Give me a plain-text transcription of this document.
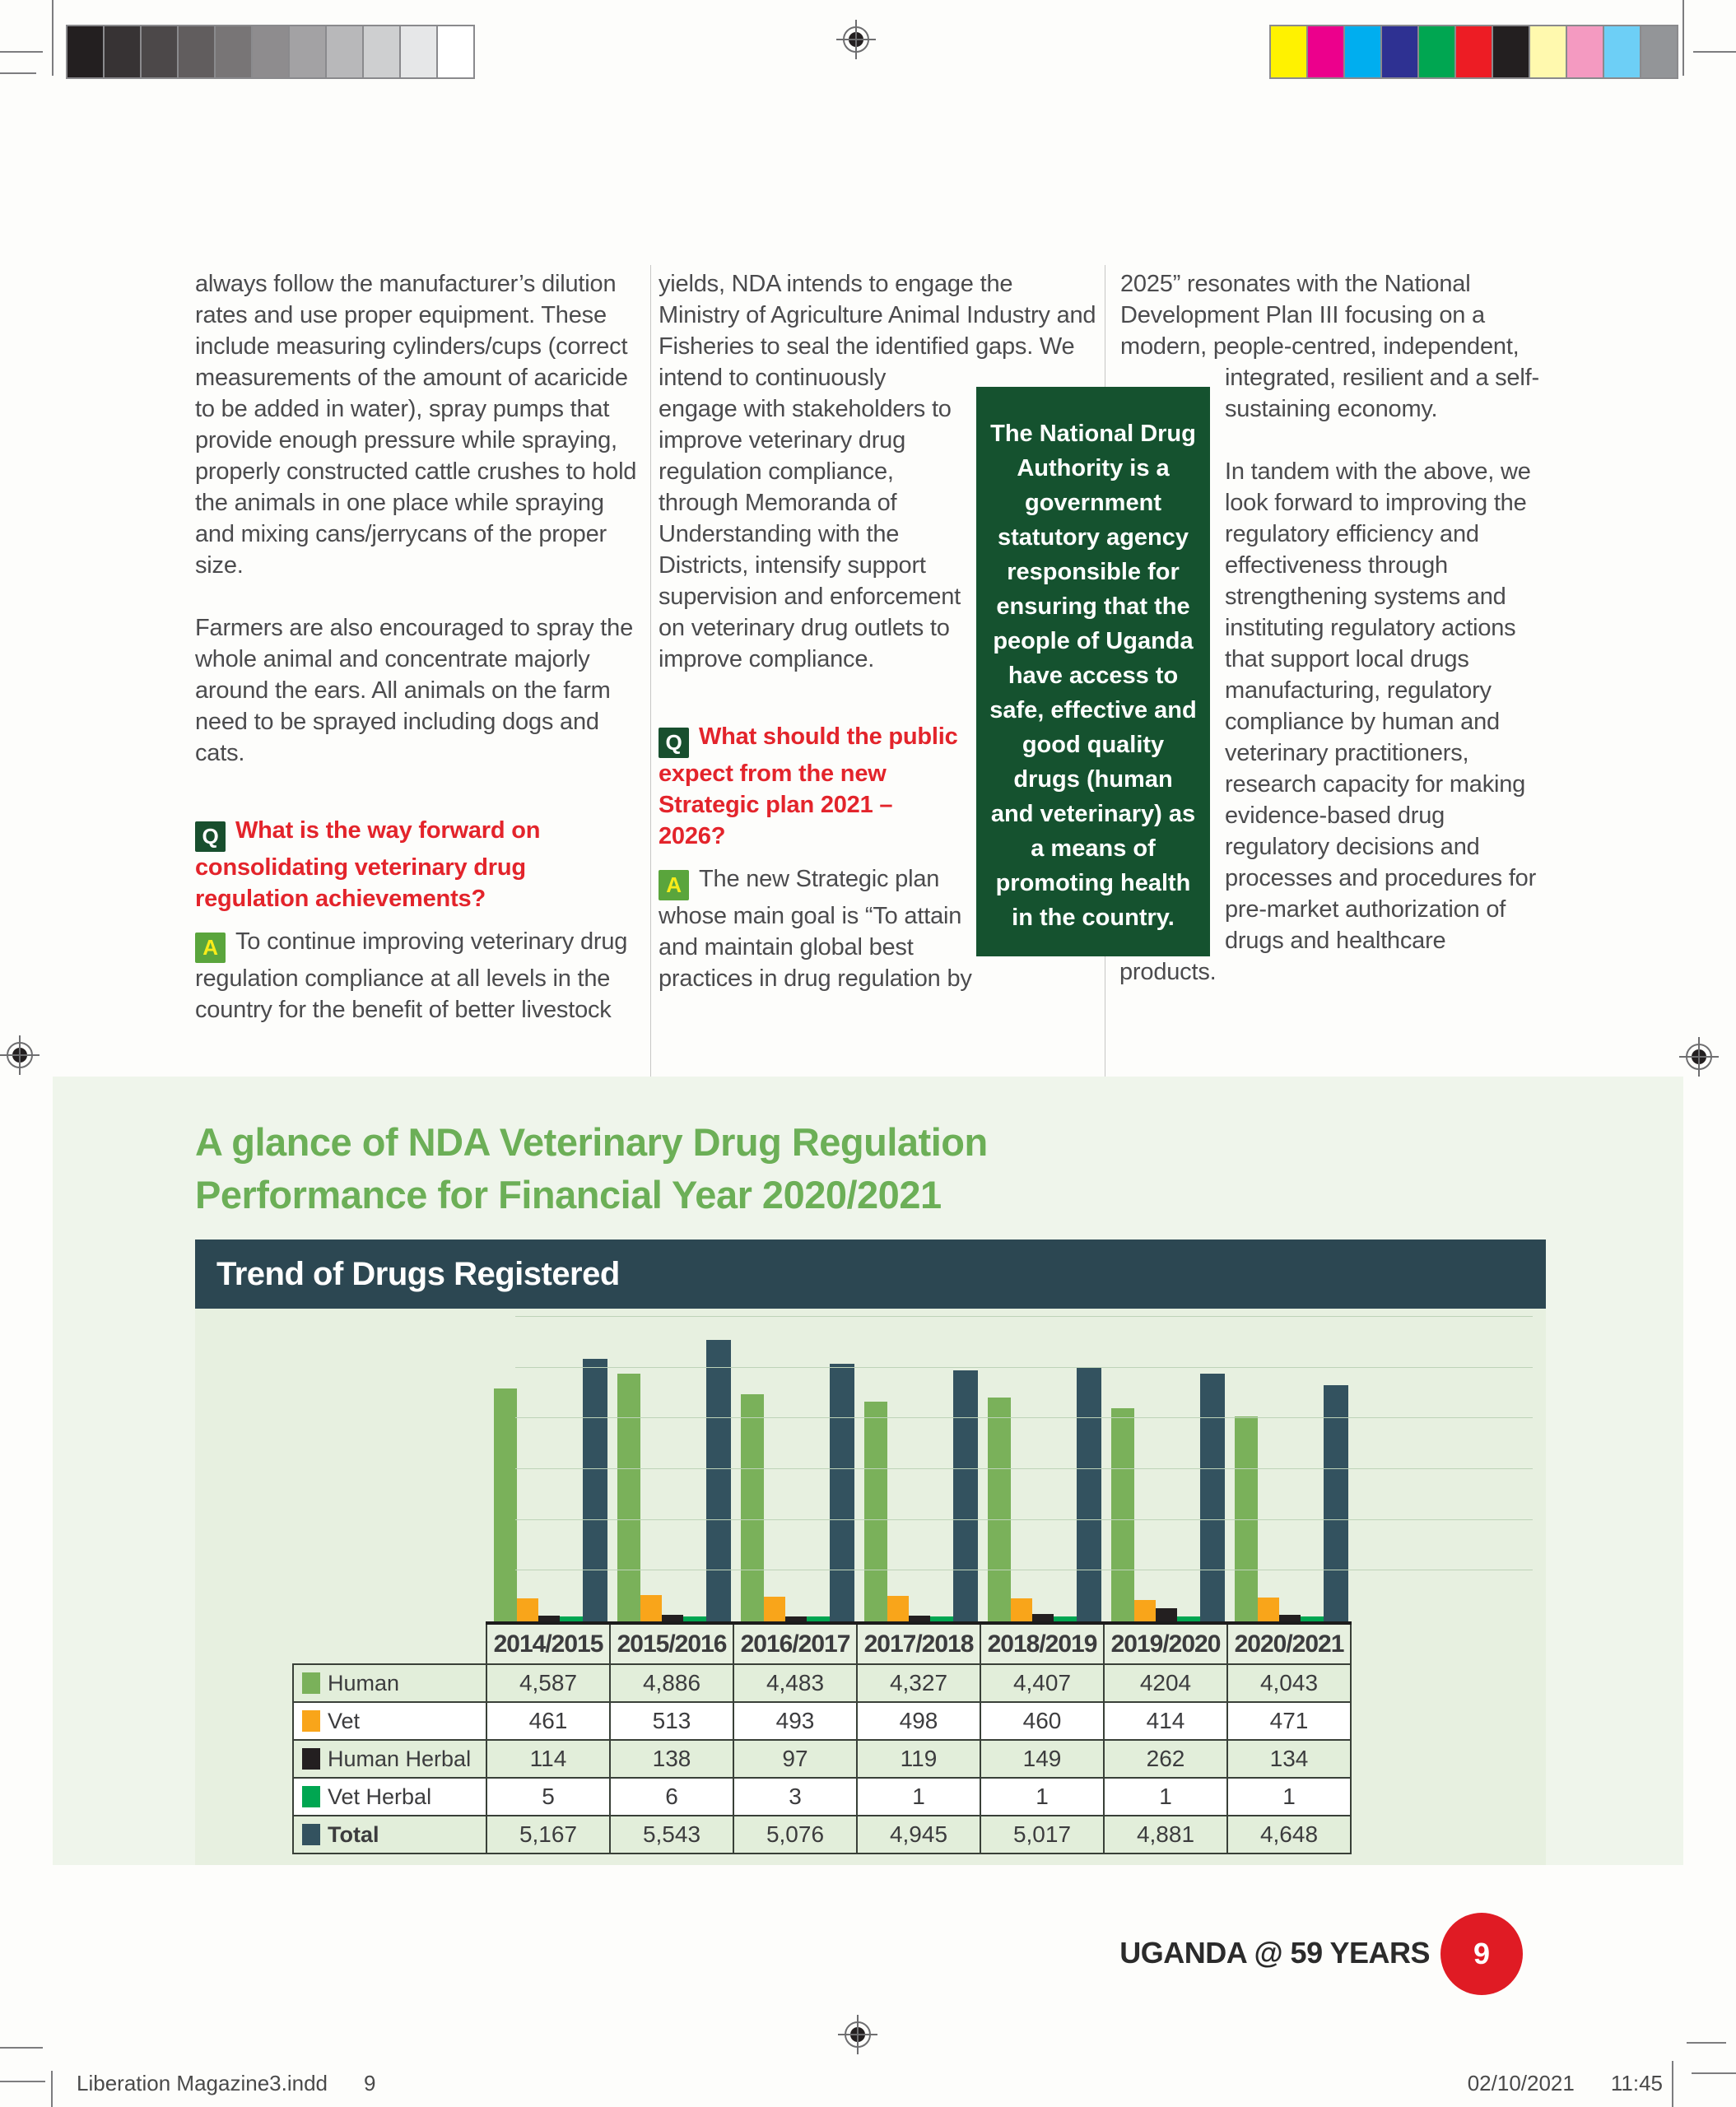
always follow the manufacturer’s dilution rates and use proper equipment. These include measuring cylinders/cups (correct measurements of the amount of acaricide to be added in water), spray pumps that provide enough pressure while spraying, properly constructed cattle crushes to hold the animals in one place while spraying and mixing cans/jerrycans of the proper size.

Farmers are also encouraged to spray the whole animal and concentrate majorly around the ears. All animals on the farm need to be sprayed including dogs and cats.

Q What is the way forward on consolidating veterinary drug regulation achievements?
A To continue improving veterinary drug regulation compliance at all levels in the country for the benefit of better livestock

yields, NDA intends to engage the Ministry of Agriculture Animal Industry and Fisheries to seal the identified gaps. We intend to continuously engage with stakeholders to improve veterinary drug regulation compliance, through Memoranda of Understanding with the Districts, intensify support supervision and enforcement on veterinary drug outlets to improve compliance.

Q What should the public expect from the new Strategic plan 2021 – 2026?
A The new Strategic plan whose main goal is “To attain and maintain global best practices in drug regulation by

2025” resonates with the National Development Plan III focusing on a modern, people-centred, independent, integrated, resilient and a self-sustaining economy.

In tandem with the above, we look forward to improving the regulatory efficiency and effectiveness through strengthening systems and instituting regulatory actions that support local drugs manufacturing, regulatory compliance by human and veterinary practitioners, research capacity for making evidence-based drug regulatory decisions and processes and procedures for pre-market authorization of drugs and healthcare products.

The National Drug Authority is a government statutory agency responsible for ensuring that the people of Uganda have access to safe, effective and good quality drugs (human and veterinary) as a means of promoting health in the country.
A glance of NDA Veterinary Drug Regulation Performance for Financial Year 2020/2021
Trend of Drugs Registered
	2014/2015	2015/2016	2016/2017	2017/2018	2018/2019	2019/2020	2020/2021
Human	4,587	4,886	4,483	4,327	4,407	4204	4,043
Vet	461	513	493	498	460	414	471
Human Herbal	114	138	97	119	149	262	134
Vet Herbal	5	6	3	1	1	1	1
Total	5,167	5,543	5,076	4,945	5,017	4,881	4,648
UGANDA @ 59 YEARS	9
Liberation Magazine3.indd 9	02/10/2021 11:45
